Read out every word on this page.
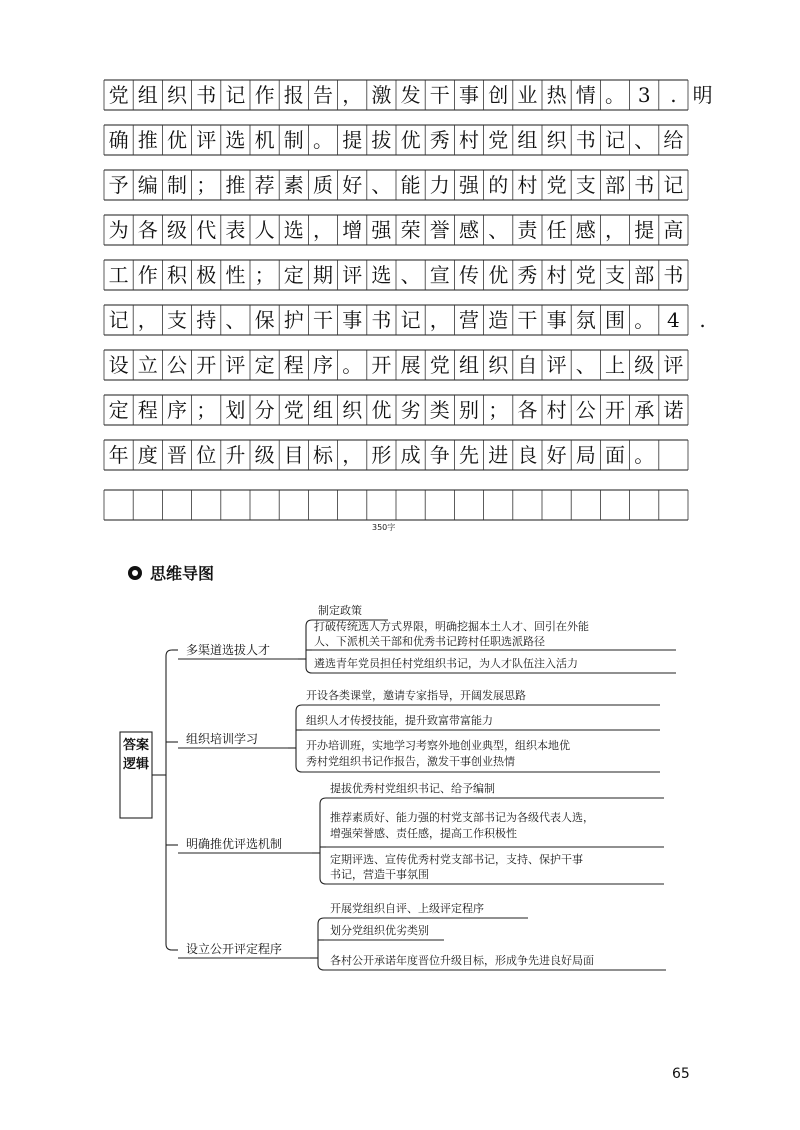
党 组 织 书 记 作 报 告 ， 激 发 干 事 创 业 热 情 。 3 . 明
确 推 优 评 选 机 制 。 提 拔 优 秀 村 党 组 织 书 记 、 给
予 编 制 ； 推 荐 素 质 好 、 能 力 强 的 村 党 支 部 书 记
为 各 级 代 表 人 选 ， 增 强 荣 誉 感 、 责 任 感 ， 提 高
工 作 积 极 性 ； 定 期 评 选 、 宣 传 优 秀 村 党 支 部 书
记 ， 支 持 、 保 护 干 事 书 记 ， 营 造 干 事 氛 围 。 4 .
设 立 公 开 评 定 程 序 。 开 展 党 组 织 自 评 、 上 级 评
定 程 序 ； 划 分 党 组 织 优 劣 类 别 ； 各 村 公 开 承 诺
年 度 晋 位 升 级 目 标 ， 形 成 争 先 进 良 好 局 面 。
350字
思维导图
答案逻辑
多渠道选拔人才
组织培训学习
明确推优评选机制
设立公开评定程序
制定政策
打破传统选人方式界限，明确挖掘本土人才、回引在外能
人、下派机关干部和优秀书记跨村任职选派路径
遴选青年党员担任村党组织书记，为人才队伍注入活力
开设各类课堂，邀请专家指导，开阔发展思路
组织人才传授技能，提升致富带富能力
开办培训班，实地学习考察外地创业典型，组织本地优
秀村党组织书记作报告，激发干事创业热情
提拔优秀村党组织书记、给予编制
推荐素质好、能力强的村党支部书记为各级代表人选，
增强荣誉感、责任感，提高工作积极性
定期评选、宣传优秀村党支部书记，支持、保护干事
书记，营造干事氛围
开展党组织自评、上级评定程序
划分党组织优劣类别
各村公开承诺年度晋位升级目标，形成争先进良好局面
65
